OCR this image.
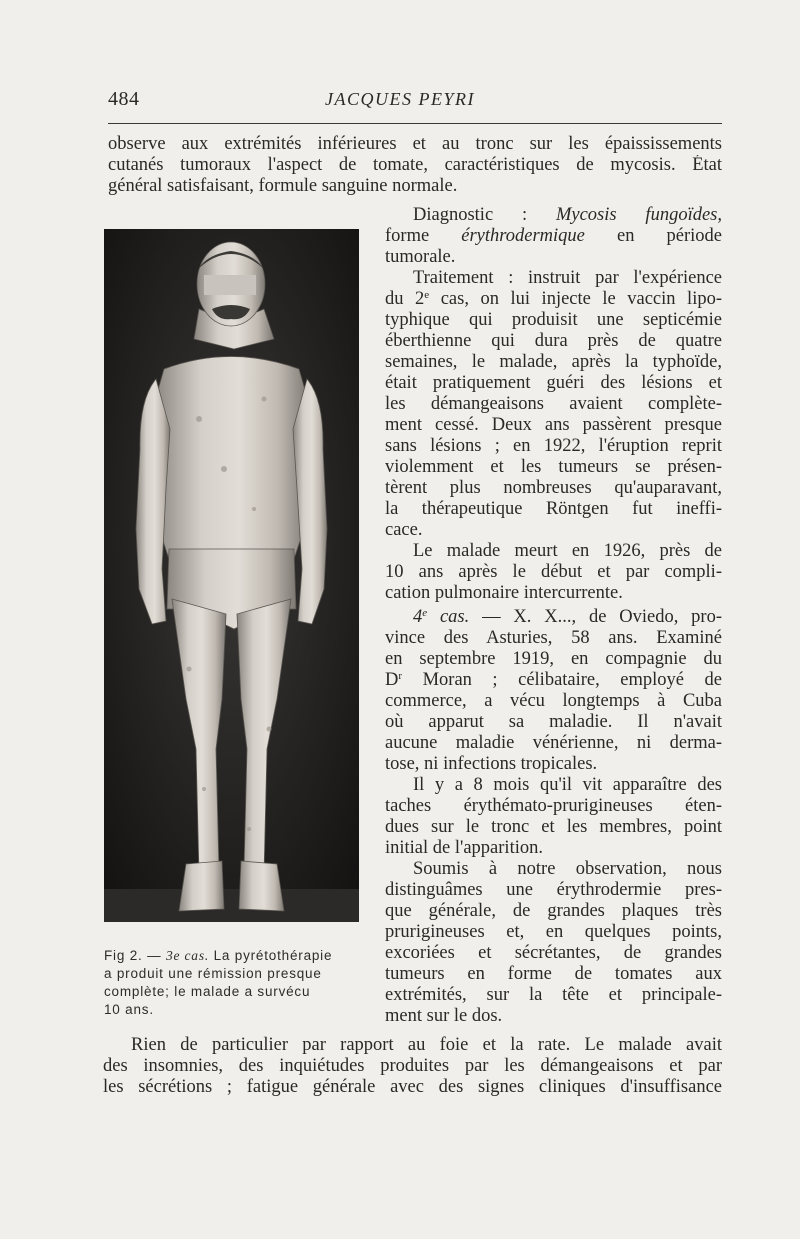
484	JACQUES PEYRI
observe aux extrémités inférieures et au tronc sur les épaississements
cutanés tumoraux l'aspect de tomate, caractéristiques de mycosis. État
général satisfaisant, formule sanguine normale.
Diagnostic : Mycosis fungoïdes,
forme érythrodermique en période
tumorale.
Traitement : instruit par l'expérience
du 2e cas, on lui injecte le vaccin lipo-
typhique qui produisit une septicémie
éberthienne qui dura près de quatre
semaines, le malade, après la typhoïde,
était pratiquement guéri des lésions et
les démangeaisons avaient complète-
ment cessé. Deux ans passèrent presque
sans lésions ; en 1922, l'éruption reprit
violemment et les tumeurs se présen-
tèrent plus nombreuses qu'auparavant,
la thérapeutique Röntgen fut ineffi-
cace.
Le malade meurt en 1926, près de
10 ans après le début et par compli-
cation pulmonaire intercurrente.
4e cas. — X. X..., de Oviedo, pro-
vince des Asturies, 58 ans. Examiné
en septembre 1919, en compagnie du
$D^r$ Moran ; célibataire, employé de
commerce, a vécu longtemps à Cuba
où apparut sa maladie. Il n'avait
aucune maladie vénérienne, ni derma-
tose, ni infections tropicales.
Il y a 8 mois qu'il vit apparaître des
taches érythémato-prurigineuses éten-
dues sur le tronc et les membres, point
initial de l'apparition.
Soumis à notre observation, nous
distinguâmes une érythrodermie pres-
que générale, de grandes plaques très
prurigineuses et, en quelques points,
excoriées et sécrétantes, de grandes
tumeurs en forme de tomates aux
extrémités, sur la tête et principale-
ment sur le dos.
Fig 2. — 3e cas. La pyrétothérapie
a produit une rémission presque
complète; le malade a survécu
10 ans.
Rien de particulier par rapport au foie et la rate. Le malade avait
des insomnies, des inquiétudes produites par les démangeaisons et par
les sécrétions ; fatigue générale avec des signes cliniques d'insuffisance
